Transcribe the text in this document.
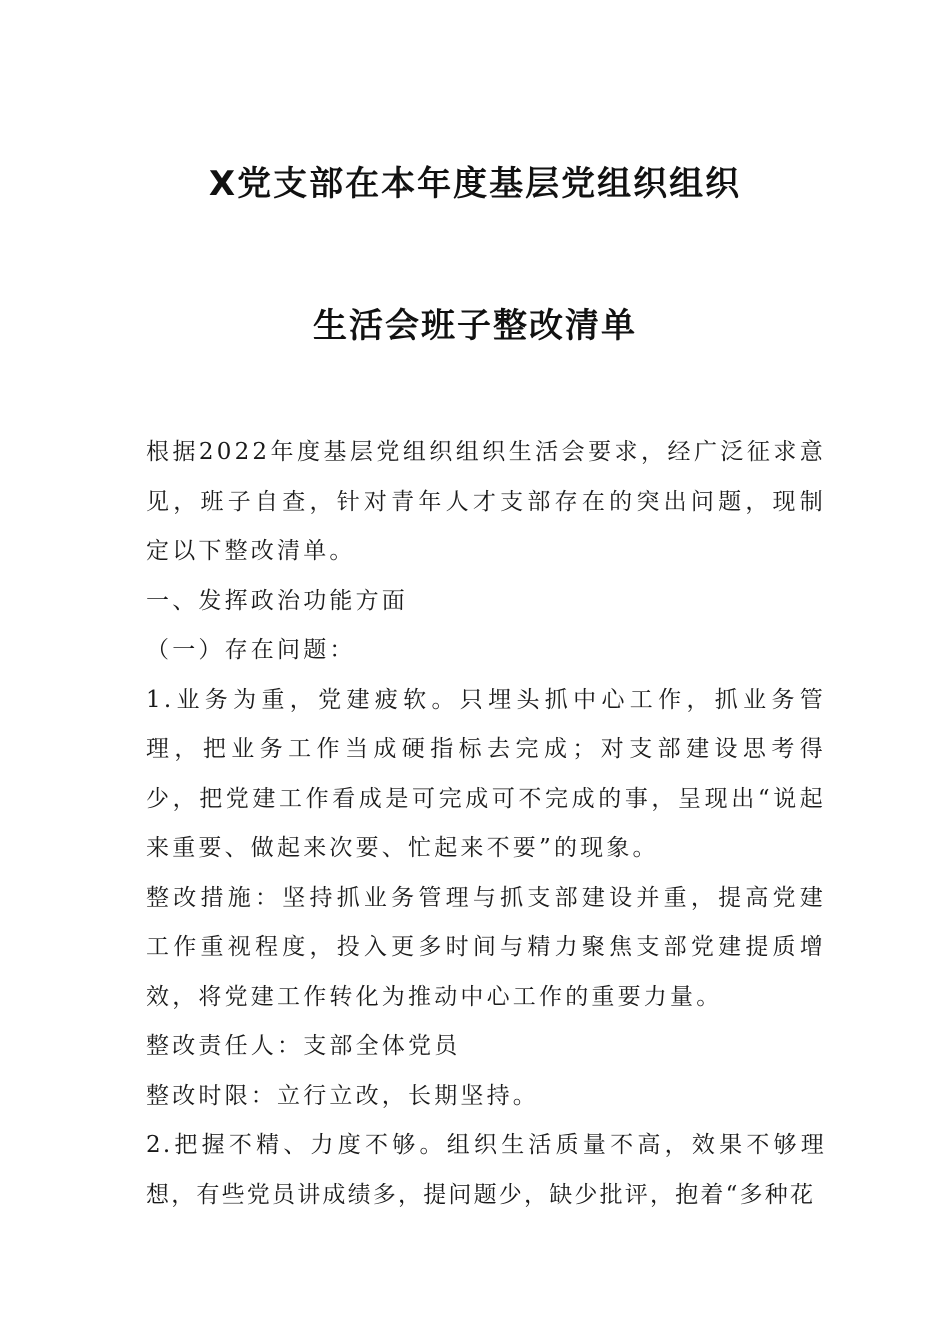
X党支部在本年度基层党组织组织
生活会班子整改清单

根据2022年度基层党组织组织生活会要求，经广泛征求意见，班子自查，针对青年人才支部存在的突出问题，现制定以下整改清单。

一、发挥政治功能方面

（一）存在问题：

1.业务为重，党建疲软。只埋头抓中心工作，抓业务管理，把业务工作当成硬指标去完成；对支部建设思考得少，把党建工作看成是可完成可不完成的事，呈现出“说起来重要、做起来次要、忙起来不要”的现象。

整改措施：坚持抓业务管理与抓支部建设并重，提高党建工作重视程度，投入更多时间与精力聚焦支部党建提质增效，将党建工作转化为推动中心工作的重要力量。

整改责任人：支部全体党员

整改时限：立行立改，长期坚持。

2.把握不精、力度不够。组织生活质量不高，效果不够理想，有些党员讲成绩多，提问题少，缺少批评，抱着“多种花
